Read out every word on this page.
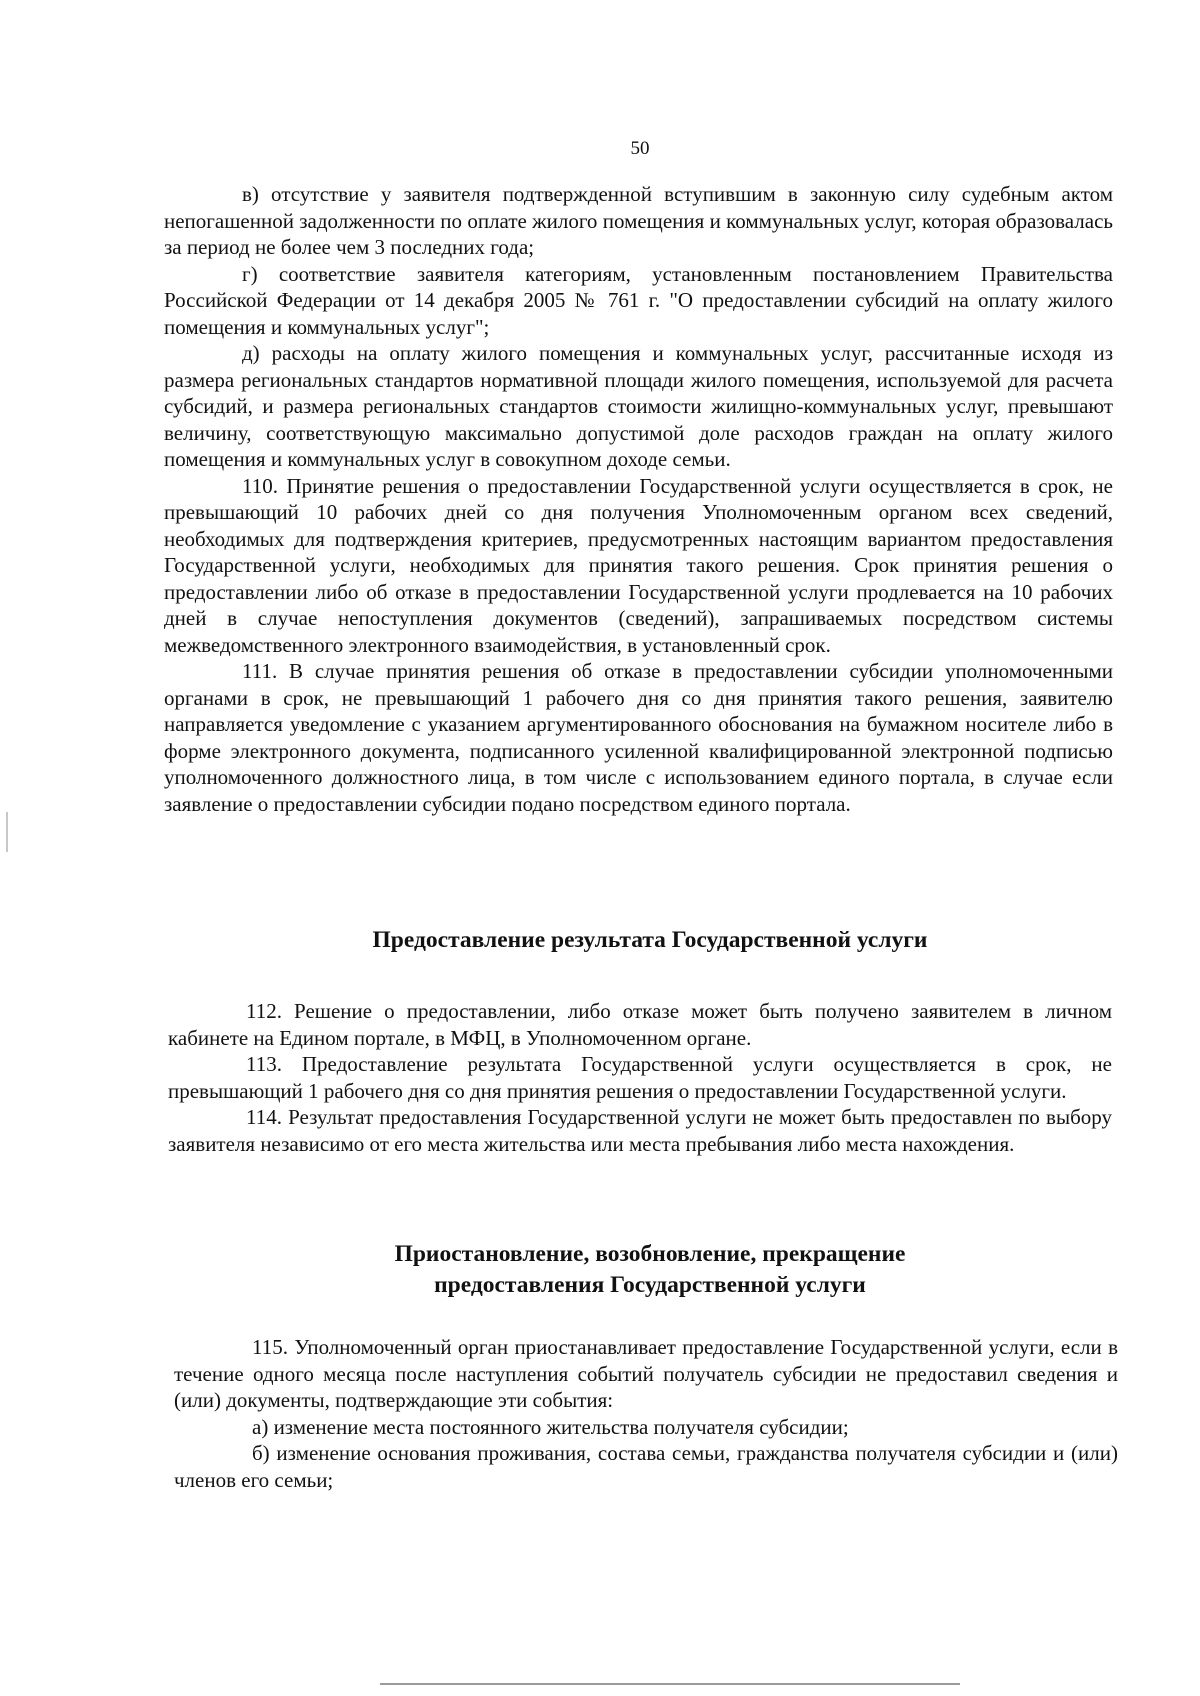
50

в) отсутствие у заявителя подтвержденной вступившим в законную силу судебным актом непогашенной задолженности по оплате жилого помещения и коммунальных услуг, которая образовалась за период не более чем 3 последних года;

г) соответствие заявителя категориям, установленным постановлением Правительства Российской Федерации от 14 декабря 2005 № 761 г. "О предоставлении субсидий на оплату жилого помещения и коммунальных услуг";

д) расходы на оплату жилого помещения и коммунальных услуг, рассчитанные исходя из размера региональных стандартов нормативной площади жилого помещения, используемой для расчета субсидий, и размера региональных стандартов стоимости жилищно-коммунальных услуг, превышают величину, соответствующую максимально допустимой доле расходов граждан на оплату жилого помещения и коммунальных услуг в совокупном доходе семьи.

110. Принятие решения о предоставлении Государственной услуги осуществляется в срок, не превышающий 10 рабочих дней со дня получения Уполномоченным органом всех сведений, необходимых для подтверждения критериев, предусмотренных настоящим вариантом предоставления Государственной услуги, необходимых для принятия такого решения. Срок принятия решения о предоставлении либо об отказе в предоставлении Государственной услуги продлевается на 10 рабочих дней в случае непоступления документов (сведений), запрашиваемых посредством системы межведомственного электронного взаимодействия, в установленный срок.

111. В случае принятия решения об отказе в предоставлении субсидии уполномоченными органами в срок, не превышающий 1 рабочего дня со дня принятия такого решения, заявителю направляется уведомление с указанием аргументированного обоснования на бумажном носителе либо в форме электронного документа, подписанного усиленной квалифицированной электронной подписью уполномоченного должностного лица, в том числе с использованием единого портала, в случае если заявление о предоставлении субсидии подано посредством единого портала.

Предоставление результата Государственной услуги

112. Решение о предоставлении, либо отказе может быть получено заявителем в личном кабинете на Едином портале, в МФЦ, в Уполномоченном органе.

113. Предоставление результата Государственной услуги осуществляется в срок, не превышающий 1 рабочего дня со дня принятия решения о предоставлении Государственной услуги.

114. Результат предоставления Государственной услуги не может быть предоставлен по выбору заявителя независимо от его места жительства или места пребывания либо места нахождения.

Приостановление, возобновление, прекращение
предоставления Государственной услуги

115. Уполномоченный орган приостанавливает предоставление Государственной услуги, если в течение одного месяца после наступления событий получатель субсидии не предоставил сведения и (или) документы, подтверждающие эти события:

а) изменение места постоянного жительства получателя субсидии;

б) изменение основания проживания, состава семьи, гражданства получателя субсидии и (или) членов его семьи;
